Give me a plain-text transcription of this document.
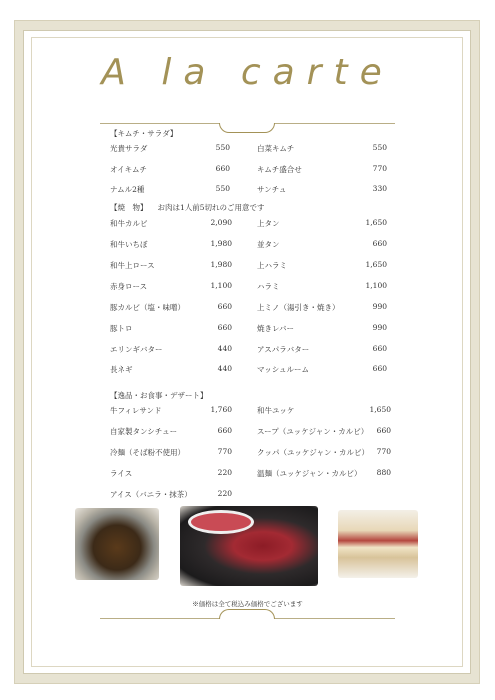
A la carte
【キムチ・サラダ】
光貴サラダ	550	白菜キムチ	550
オイキムチ	660	キムチ盛合せ	770
ナムル2種	550	サンチュ	330
【焼　物】 お肉は1人前5切れのご用意です
和牛カルビ	2,090	上タン	1,650
和牛いちぼ	1,980	並タン	660
和牛上ロース	1,980	上ハラミ	1,650
赤身ロース	1,100	ハラミ	1,100
豚カルビ（塩・味噌）	660	上ミノ（湯引き・焼き）	990
豚トロ	660	焼きレバー	990
エリンギバター	440	アスパラバター	660
長ネギ	440	マッシュルーム	660
【逸品・お食事・デザート】
牛フィレサンド	1,760	和牛ユッケ	1,650
自家製タンシチュー	660	スープ（ユッケジャン・カルビ） 660
冷麺（そば粉不使用）	770	クッパ（ユッケジャン・カルビ） 770
ライス	220	温麺（ユッケジャン・カルビ） 880
アイス（バニラ・抹茶）	220
※価格は全て税込み価格でございます
